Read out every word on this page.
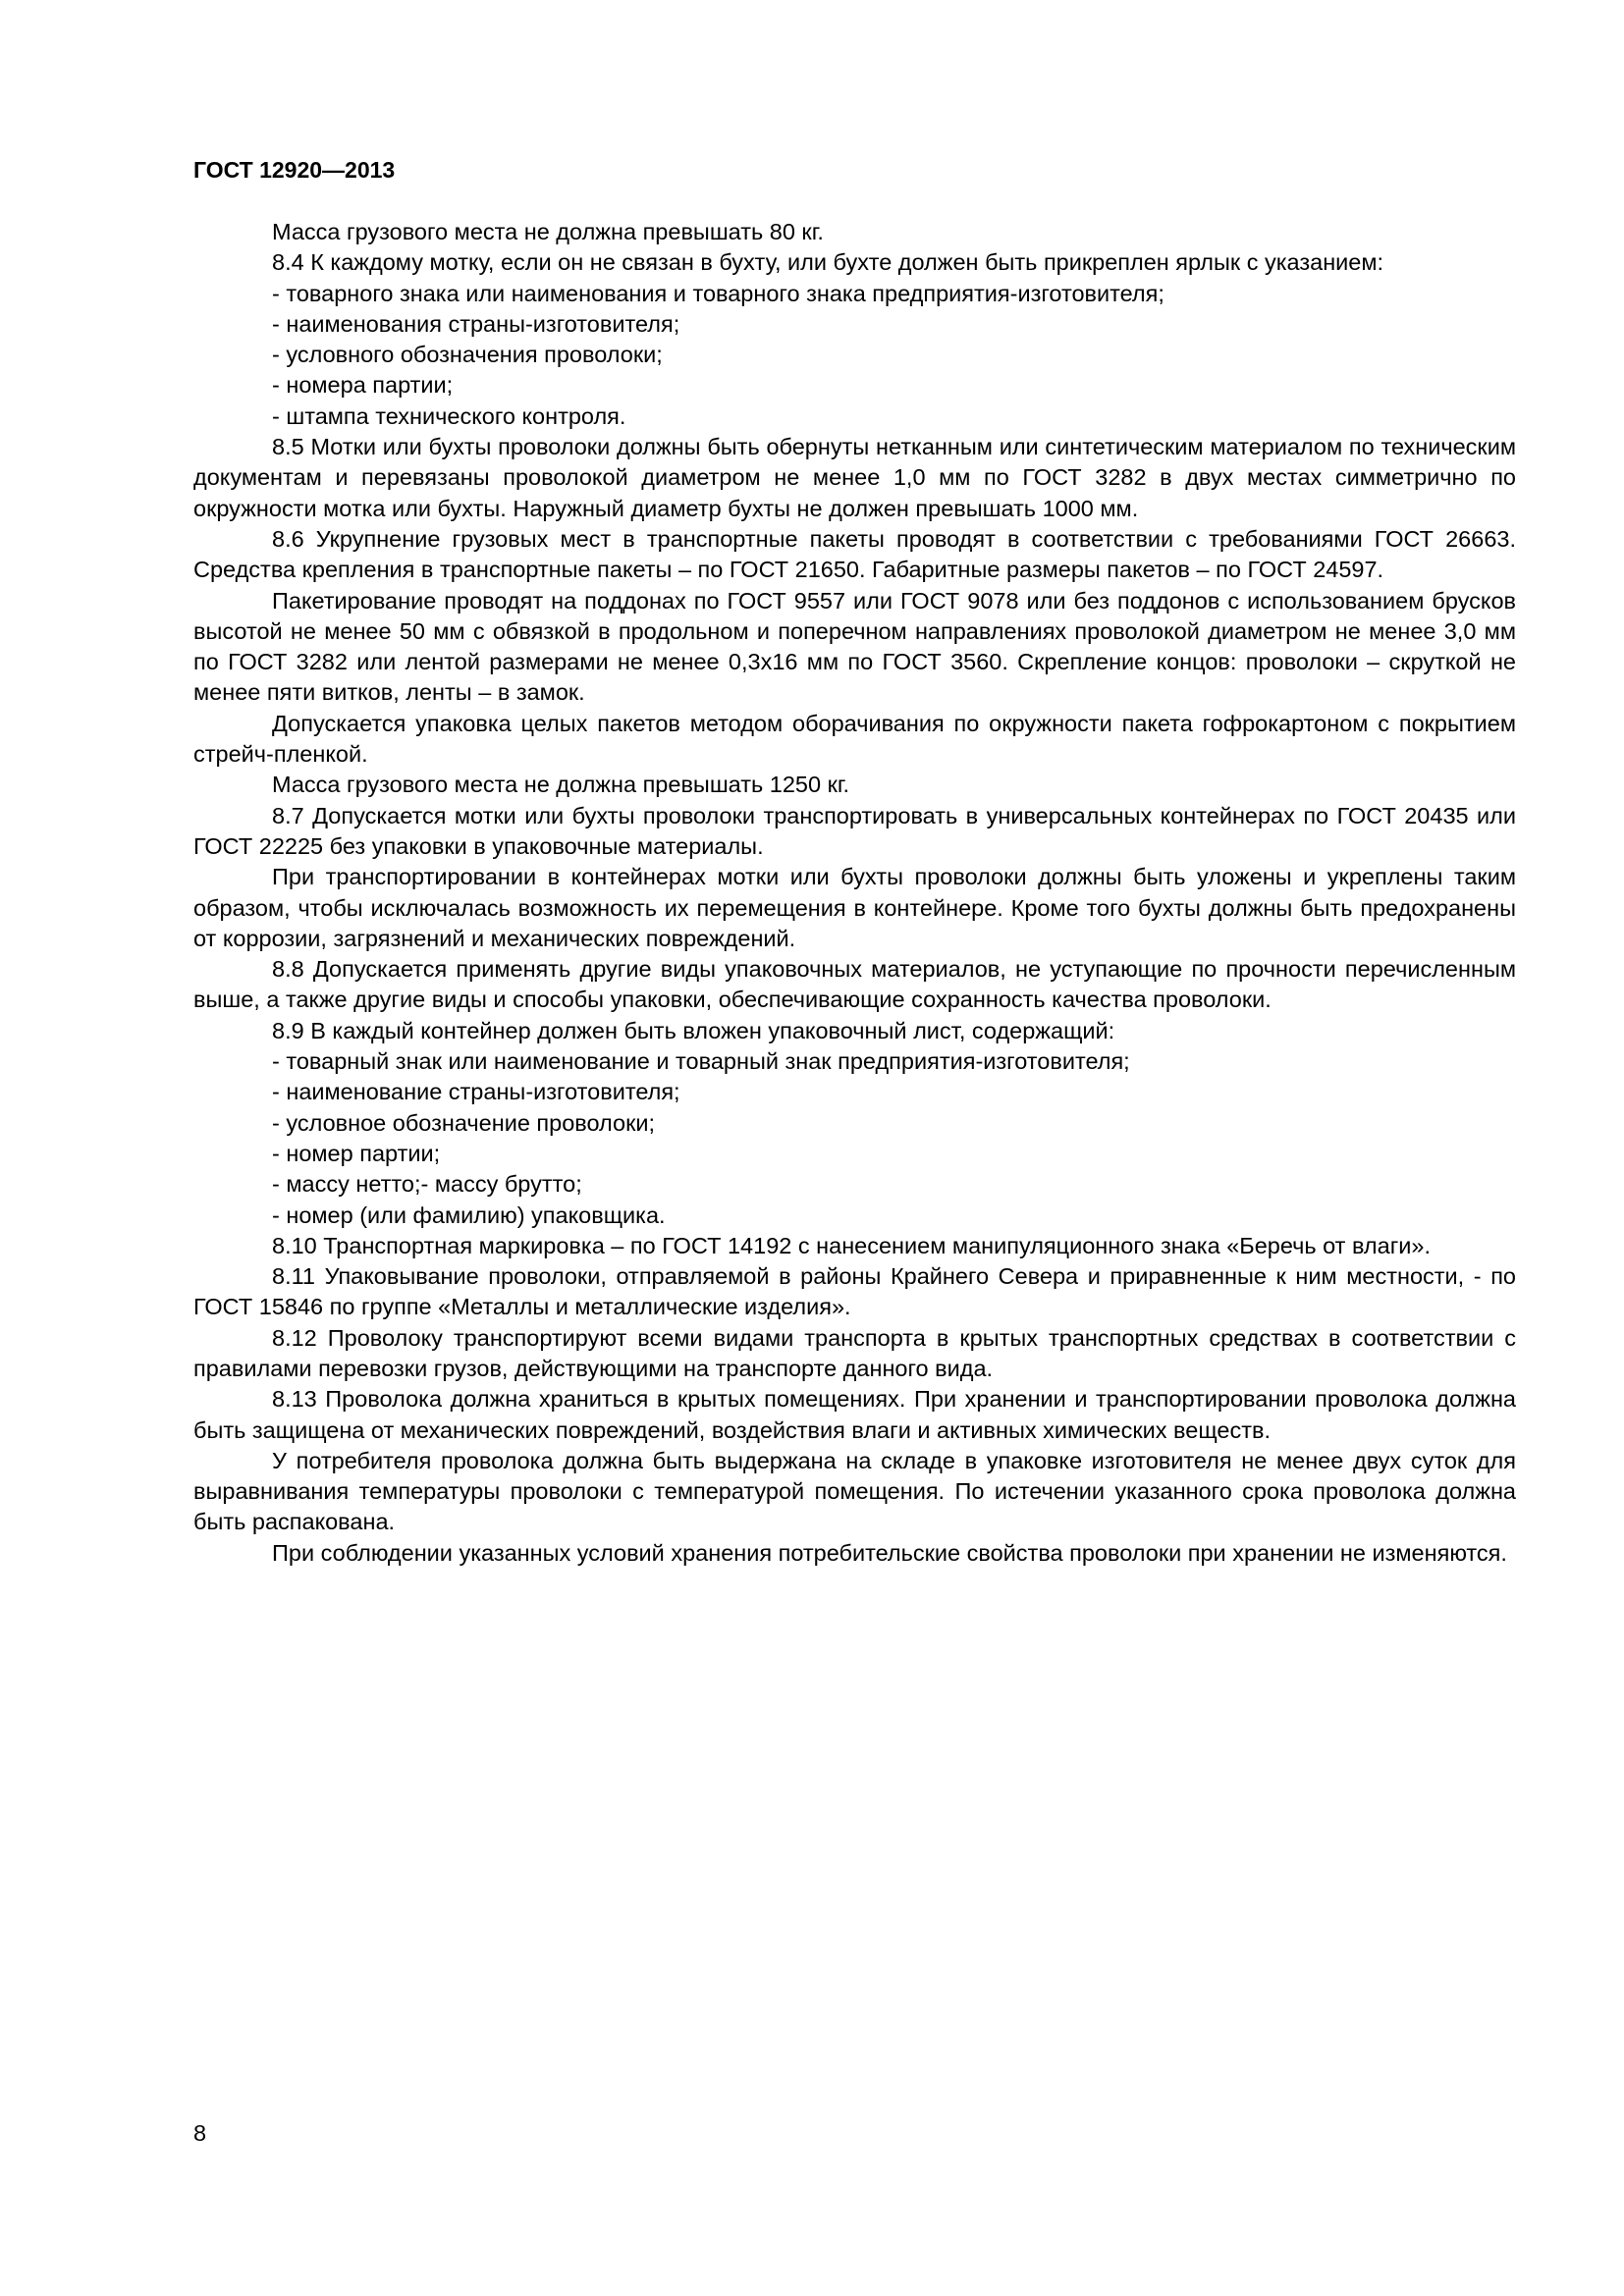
ГОСТ 12920—2013

Масса грузового места не должна превышать 80 кг.

8.4 К каждому мотку, если он не связан в бухту, или бухте должен быть прикреплен ярлык с указанием:

- товарного знака или наименования и товарного знака предприятия-изготовителя;

- наименования страны-изготовителя;

- условного обозначения проволоки;

- номера партии;

- штампа технического контроля.

8.5 Мотки или бухты проволоки должны быть обернуты нетканным или синтетическим материалом по техническим документам и перевязаны проволокой диаметром не менее 1,0 мм по ГОСТ 3282 в двух местах симметрично по окружности мотка или бухты. Наружный диаметр бухты не должен превышать 1000 мм.

8.6 Укрупнение грузовых мест в транспортные пакеты проводят в соответствии с требованиями ГОСТ 26663. Средства крепления в транспортные пакеты – по ГОСТ 21650. Габаритные размеры пакетов – по ГОСТ 24597.

Пакетирование проводят на поддонах по ГОСТ 9557 или ГОСТ 9078 или без поддонов с использованием брусков высотой не менее 50 мм с обвязкой в продольном и поперечном направлениях проволокой диаметром не менее 3,0 мм по ГОСТ 3282 или лентой размерами не менее 0,3х16 мм по ГОСТ 3560. Скрепление концов: проволоки – скруткой не менее пяти витков, ленты – в замок.

Допускается упаковка целых пакетов методом оборачивания по окружности пакета гофрокартоном с покрытием стрейч-пленкой.

Масса грузового места не должна превышать 1250 кг.

8.7 Допускается мотки или бухты проволоки транспортировать в универсальных контейнерах по ГОСТ 20435 или ГОСТ 22225 без упаковки в упаковочные материалы.

При транспортировании в контейнерах мотки или бухты проволоки должны быть уложены и укреплены таким образом, чтобы исключалась возможность их перемещения в контейнере. Кроме того бухты должны быть предохранены от коррозии, загрязнений и механических повреждений.

8.8 Допускается применять другие виды упаковочных материалов, не уступающие по прочности перечисленным выше, а также другие виды и способы упаковки, обеспечивающие сохранность качества проволоки.

8.9 В каждый контейнер должен быть вложен упаковочный лист, содержащий:

- товарный знак или наименование и товарный знак предприятия-изготовителя;

- наименование страны-изготовителя;

- условное обозначение проволоки;

- номер партии;

- массу нетто;- массу брутто;

- номер (или фамилию) упаковщика.

8.10 Транспортная маркировка – по ГОСТ 14192 с нанесением манипуляционного знака «Беречь от влаги».

8.11 Упаковывание проволоки, отправляемой в районы Крайнего Севера и приравненные к ним местности, - по ГОСТ 15846 по группе «Металлы и металлические изделия».

8.12 Проволоку транспортируют всеми видами транспорта в крытых транспортных средствах в соответствии с правилами перевозки грузов, действующими на транспорте данного вида.

8.13 Проволока должна храниться в крытых помещениях. При хранении и транспортировании проволока должна быть защищена от механических повреждений, воздействия влаги и активных химических веществ.

У потребителя проволока должна быть выдержана на складе в упаковке изготовителя не менее двух суток для выравнивания температуры проволоки с температурой помещения. По истечении указанного срока проволока должна быть распакована.

При соблюдении указанных условий хранения потребительские свойства проволоки при хранении не изменяются.

8
